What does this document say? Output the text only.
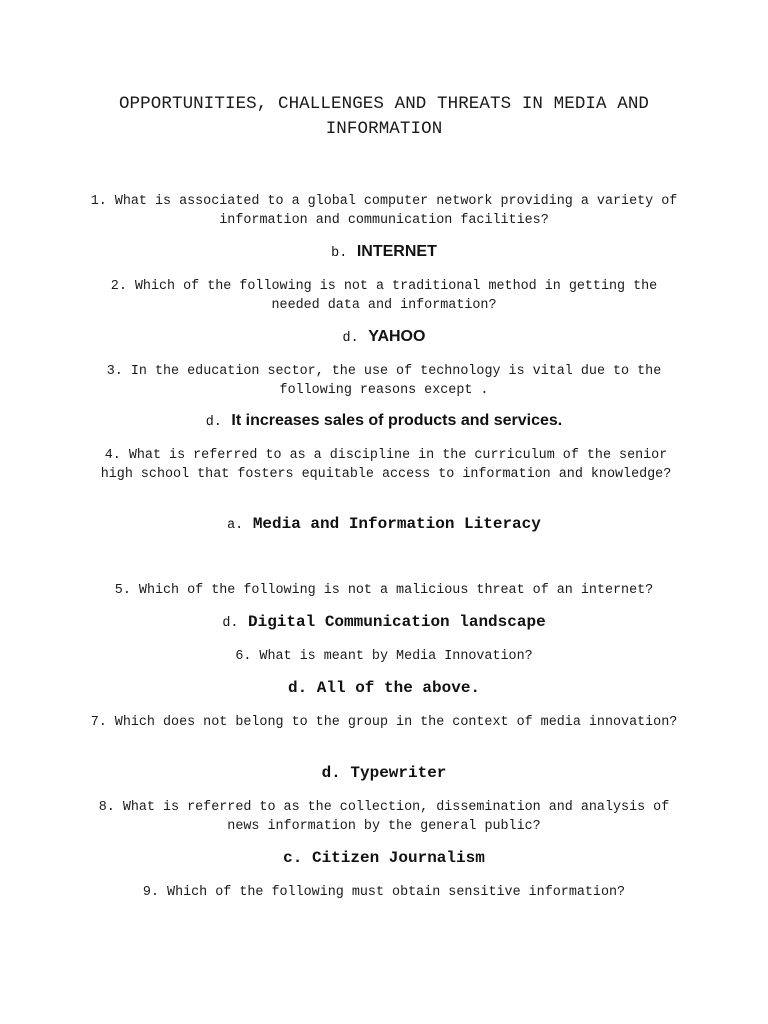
OPPORTUNITIES, CHALLENGES AND THREATS IN MEDIA AND INFORMATION
1. What is associated to a global computer network providing a variety of information and communication facilities?
b. INTERNET
2. Which of the following is not a traditional method in getting the needed data and information?
d. YAHOO
3. In the education sector, the use of technology is vital due to the following reasons except .
d. It increases sales of products and services.
4. What is referred to as a discipline in the curriculum of the senior high school that fosters equitable access to information and knowledge?
a. Media and Information Literacy
5. Which of the following is not a malicious threat of an internet?
d. Digital Communication landscape
6. What is meant by Media Innovation?
d. All of the above.
7. Which does not belong to the group in the context of media innovation?
d. Typewriter
8. What is referred to as the collection, dissemination and analysis of news information by the general public?
c. Citizen Journalism
9. Which of the following must obtain sensitive information?
